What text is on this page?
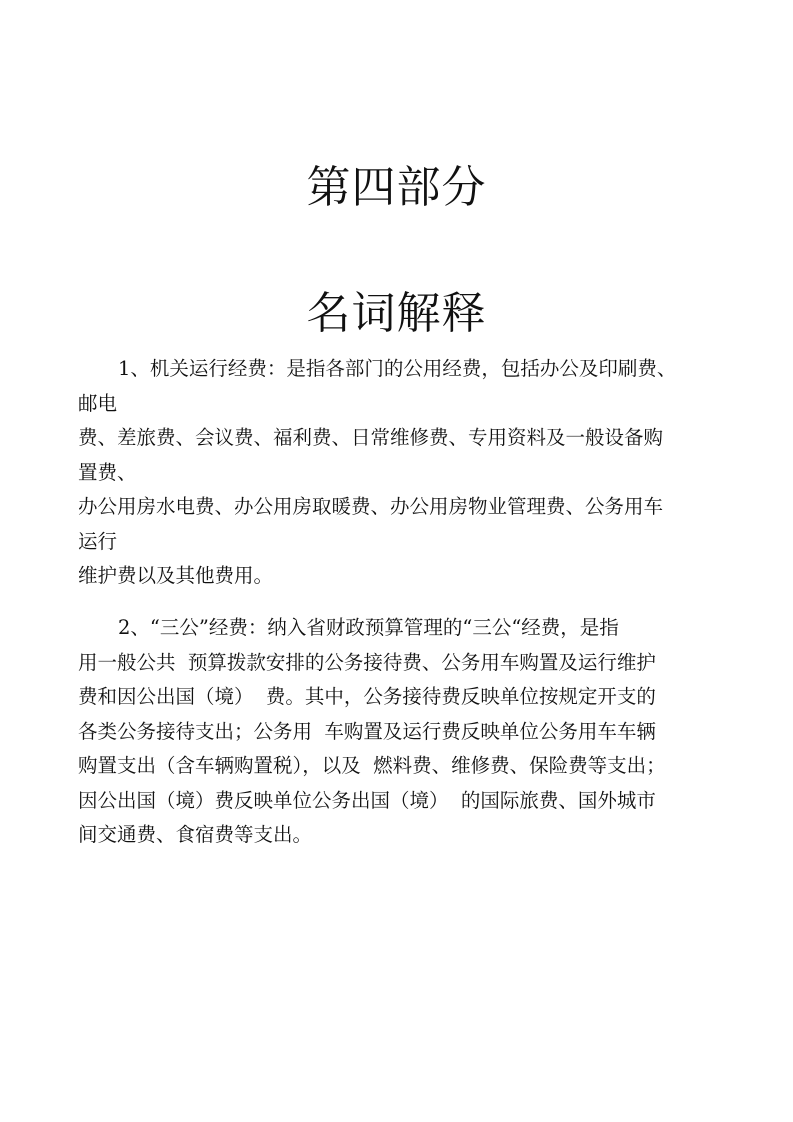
第四部分
名词解释
1、机关运行经费：是指各部门的公用经费，包括办公及印刷费、
邮电
费、差旅费、会议费、福利费、日常维修费、专用资料及一般设备购
置费、
办公用房水电费、办公用房取暖费、办公用房物业管理费、公务用车
运行
维护费以及其他费用。
2、“三公”经费：纳入省财政预算管理的“三公“经费，是指
用一般公共  预算拨款安排的公务接待费、公务用车购置及运行维护
费和因公出国（境）  费。其中，公务接待费反映单位按规定开支的
各类公务接待支出；公务用  车购置及运行费反映单位公务用车车辆
购置支出（含车辆购置税），以及  燃料费、维修费、保险费等支出；
因公出国（境）费反映单位公务出国（境）  的国际旅费、国外城市
间交通费、食宿费等支出。
